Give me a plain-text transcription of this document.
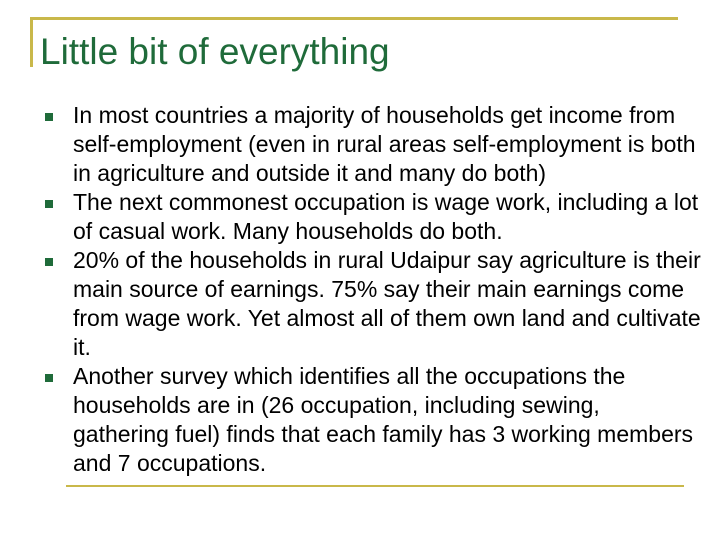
Little bit of everything
In most countries a majority of households get income from self-employment (even in rural areas self-employment is both in agriculture and outside it and many do both)
The next commonest occupation is wage work, including a lot of casual work. Many households do both.
20% of the households in rural Udaipur say agriculture is their main source of earnings. 75% say their main earnings come from wage work. Yet almost all of them own land and cultivate it.
Another survey which identifies all the occupations the households are in (26 occupation, including sewing, gathering fuel) finds that each family has 3 working members and 7 occupations.
